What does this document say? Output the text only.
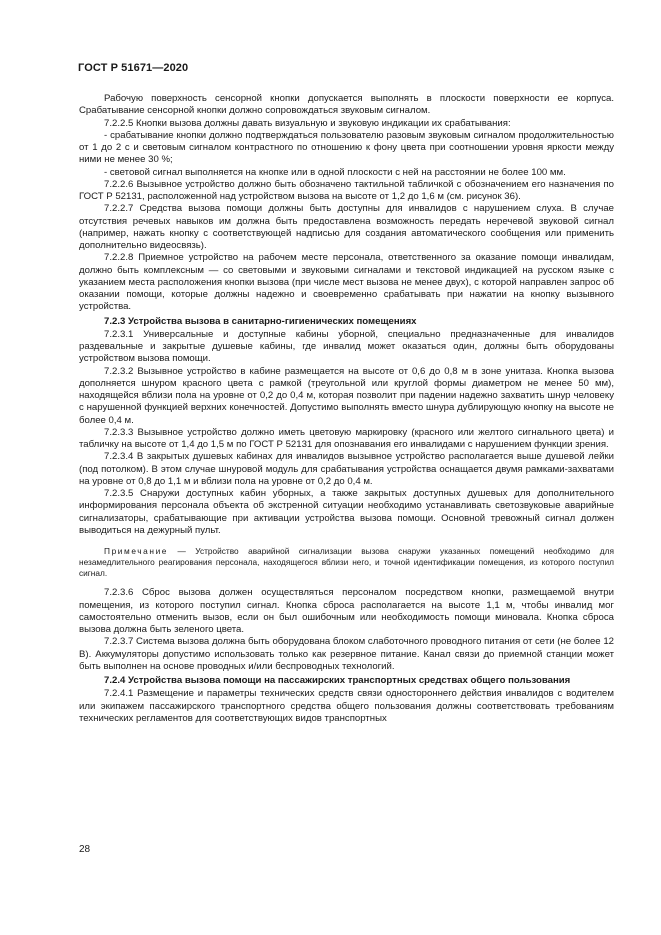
ГОСТ Р 51671—2020

Рабочую поверхность сенсорной кнопки допускается выполнять в плоскости поверхности ее корпуса. Срабатывание сенсорной кнопки должно сопровождаться звуковым сигналом.

7.2.2.5 Кнопки вызова должны давать визуальную и звуковую индикации их срабатывания:

- срабатывание кнопки должно подтверждаться пользователю разовым звуковым сигналом продолжительностью от 1 до 2 с и световым сигналом контрастного по отношению к фону цвета при соотношении уровня яркости между ними не менее 30 %;

- световой сигнал выполняется на кнопке или в одной плоскости с ней на расстоянии не более 100 мм.

7.2.2.6 Вызывное устройство должно быть обозначено тактильной табличкой с обозначением его назначения по ГОСТ Р 52131, расположенной над устройством вызова на высоте от 1,2 до 1,6 м (см. рисунок 36).

7.2.2.7 Средства вызова помощи должны быть доступны для инвалидов с нарушением слуха. В случае отсутствия речевых навыков им должна быть предоставлена возможность передать неречевой звуковой сигнал (например, нажать кнопку с соответствующей надписью для создания автоматического сообщения или применить дополнительно видеосвязь).

7.2.2.8 Приемное устройство на рабочем месте персонала, ответственного за оказание помощи инвалидам, должно быть комплексным — со световыми и звуковыми сигналами и текстовой индикацией на русском языке с указанием места расположения кнопки вызова (при числе мест вызова не менее двух), с которой направлен запрос об оказании помощи, которые должны надежно и своевременно срабатывать при нажатии на кнопку вызывного устройства.

7.2.3 Устройства вызова в санитарно-гигиенических помещениях

7.2.3.1 Универсальные и доступные кабины уборной, специально предназначенные для инвалидов раздевальные и закрытые душевые кабины, где инвалид может оказаться один, должны быть оборудованы устройством вызова помощи.

7.2.3.2 Вызывное устройство в кабине размещается на высоте от 0,6 до 0,8 м в зоне унитаза. Кнопка вызова дополняется шнуром красного цвета с рамкой (треугольной или круглой формы диаметром не менее 50 мм), находящейся вблизи пола на уровне от 0,2 до 0,4 м, которая позволит при падении надежно захватить шнур человеку с нарушенной функцией верхних конечностей. Допустимо выполнять вместо шнура дублирующую кнопку на высоте не более 0,4 м.

7.2.3.3 Вызывное устройство должно иметь цветовую маркировку (красного или желтого сигнального цвета) и табличку на высоте от 1,4 до 1,5 м по ГОСТ Р 52131 для опознавания его инвалидами с нарушением функции зрения.

7.2.3.4 В закрытых душевых кабинах для инвалидов вызывное устройство располагается выше душевой лейки (под потолком). В этом случае шнуровой модуль для срабатывания устройства оснащается двумя рамками-захватами на уровне от 0,8 до 1,1 м и вблизи пола на уровне от 0,2 до 0,4 м.

7.2.3.5 Снаружи доступных кабин уборных, а также закрытых доступных душевых для дополнительного информирования персонала объекта об экстренной ситуации необходимо устанавливать светозвуковые аварийные сигнализаторы, срабатывающие при активации устройства вызова помощи. Основной тревожный сигнал должен выводиться на дежурный пульт.

Примечание — Устройство аварийной сигнализации вызова снаружи указанных помещений необходимо для незамедлительного реагирования персонала, находящегося вблизи него, и точной идентификации помещения, из которого поступил сигнал.

7.2.3.6 Сброс вызова должен осуществляться персоналом посредством кнопки, размещаемой внутри помещения, из которого поступил сигнал. Кнопка сброса располагается на высоте 1,1 м, чтобы инвалид мог самостоятельно отменить вызов, если он был ошибочным или необходимость помощи миновала. Кнопка сброса вызова должна быть зеленого цвета.

7.2.3.7 Система вызова должна быть оборудована блоком слаботочного проводного питания от сети (не более 12 В). Аккумуляторы допустимо использовать только как резервное питание. Канал связи до приемной станции может быть выполнен на основе проводных и/или беспроводных технологий.

7.2.4 Устройства вызова помощи на пассажирских транспортных средствах общего пользования

7.2.4.1 Размещение и параметры технических средств связи одностороннего действия инвалидов с водителем или экипажем пассажирского транспортного средства общего пользования должны соответствовать требованиям технических регламентов для соответствующих видов транспортных

28
